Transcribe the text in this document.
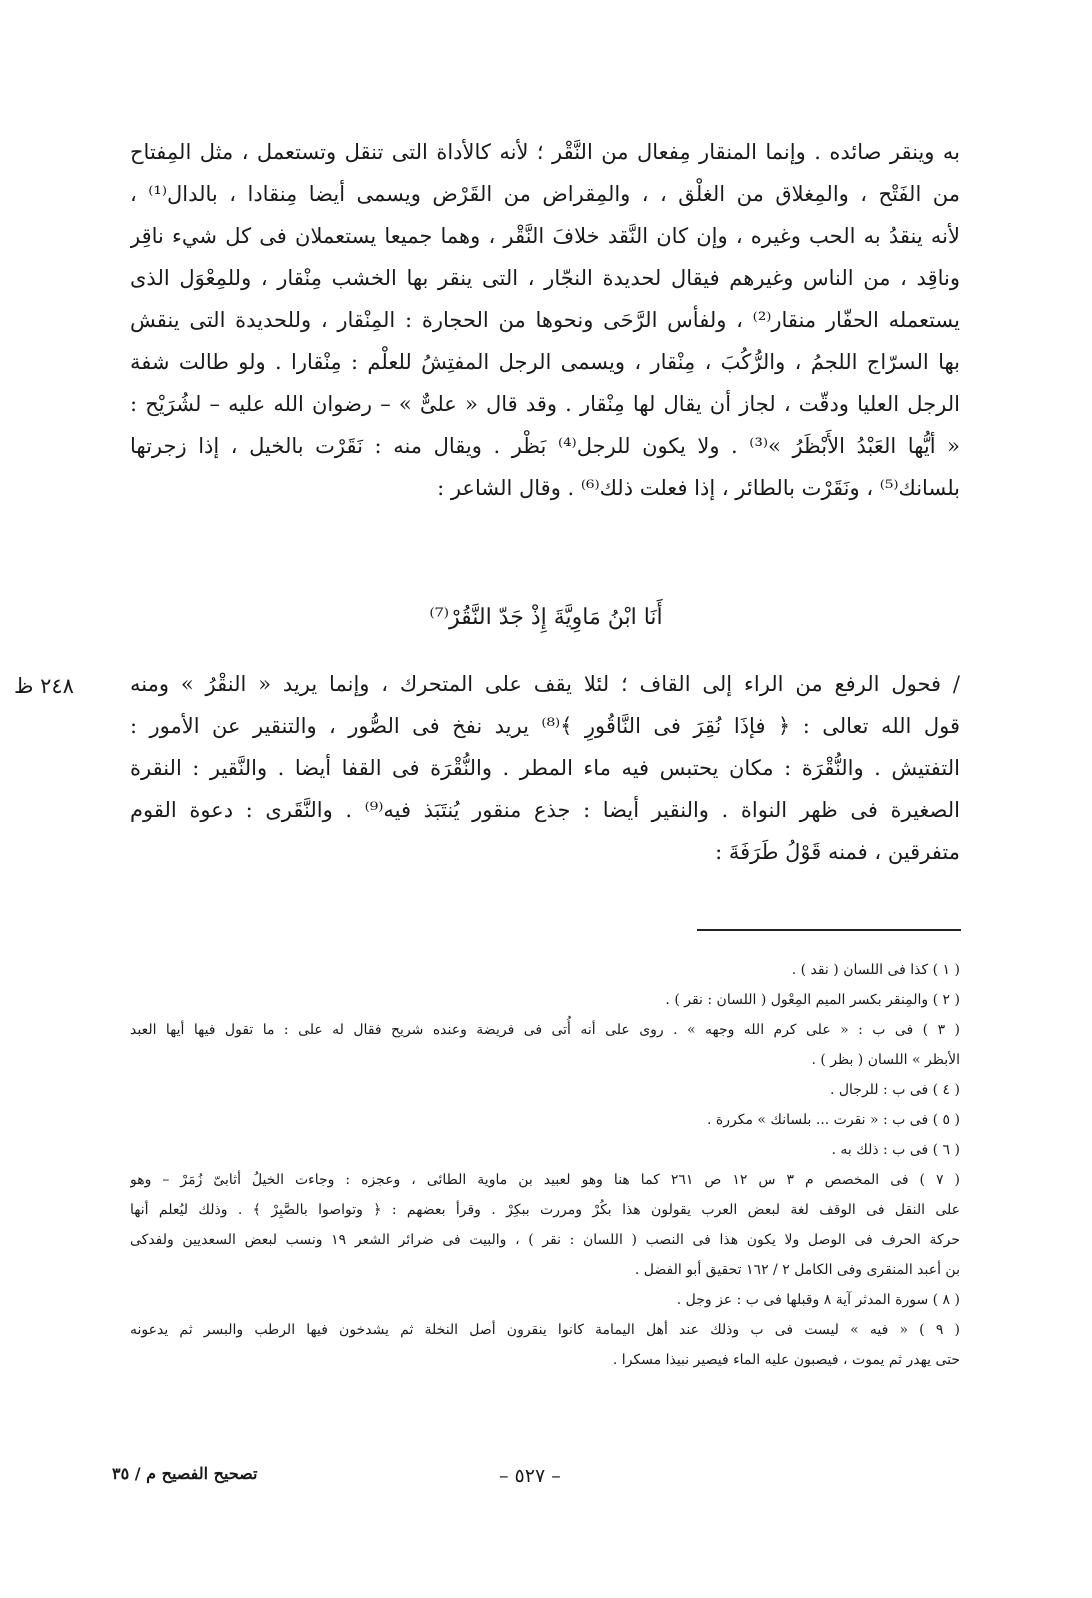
به وينقر صائده . وإنما المنقار مِفعال من النَّقْر ؛ لأنه كالأداة التى تنقل وتستعمل ، مثل المِفتاح
من الفَتْح ، والمِغلاق من الغلْق ، ، والمِقراض من القَرْض ويسمى أيضا مِنقادا ، بالدال⁽¹⁾ ،
لأنه ينقدُ به الحب وغيره ، وإن كان النَّقد خلافَ النَّقْر ، وهما جميعا يستعملان فى كل شيء ناقِر
وناقِد ، من الناس وغيرهم فيقال لحديدة النجّار ، التى ينقر بها الخشب مِنْقار ، وللمِعْوَل الذى
يستعمله الحفّار منقار⁽²⁾ ، ولفأس الرَّحَى ونحوها من الحجارة : المِنْقار ، وللحديدة التى ينقش
بها السرّاج اللجمُ ، والرُّكُبَ ، مِنْقار ، ويسمى الرجل المفتِشُ للعلْم : مِنْقارا . ولو طالت شفة
الرجل العليا ودقّت ، لجاز أن يقال لها مِنْقار . وقد قال « علىٌّ » – رضوان الله عليه – لشُرَيْح :
« أيُّها العَبْدُ الأَبْظَرُ »⁽³⁾ . ولا يكون للرجل⁽⁴⁾ بَظْر . ويقال منه : نَقَرْت بالخيل ، إذا زجرتها
بلسانك⁽⁵⁾ ، ونَقَرْت بالطائر ، إذا فعلت ذلك⁽⁶⁾ . وقال الشاعر :
أَنَا ابْنُ مَاوِيَّةَ إِذْ جَدّ النَّقُرْ⁽⁷⁾
٢٤٨ ظ	/ فحول الرفع من الراء إلى القاف ؛ لئلا يقف على المتحرك ، وإنما يريد « النقْرُ » ومنه
قول الله تعالى : ﴿ فإذَا نُقِرَ فى النَّاقُورِ ﴾⁽⁸⁾ يريد نفخ فى الصُّور ، والتنقير عن الأمور :
التفتيش . والنُّقْرَة : مكان يحتبس فيه ماء المطر . والنُّقْرَة فى القفا أيضا . والنَّقير : النقرة
الصغيرة فى ظهر النواة . والنقير أيضا : جذع منقور يُنتَبَذ فيه⁽⁹⁾ . والنَّقَرى : دعوة القوم
متفرقين ، فمنه قَوْلُ طَرَفَةَ :
( ١ ) كذا فى اللسان ( نقد ) .
( ٢ ) والمِنقر بكسر الميم المِعْول ( اللسان : نقر ) .
( ٣ ) فى ب : « على كرم الله وجهه » . روى على أنه أُتى فى فريضة وعنده شريح فقال له على : ما تقول فيها أيها العبد
الأبظر » اللسان ( بظر ) .
( ٤ ) فى ب : للرجال .
( ٥ ) فى ب : « نقرت ... بلسانك » مكررة .
( ٦ ) فى ب : ذلك به .
( ٧ ) فى المخصص م ٣ س ١٢ ص ٢٦١ كما هنا وهو لعبيد بن ماوية الطائى ، وعجزه : وجاءت الخيلُ أثابىّ زُمَرْ – وهو
على النقل فى الوقف لغة لبعض العرب يقولون هذا بكُرْ ومررت ببكِرْ . وقرأ بعضهم : ﴿ وتواصوا بالصَّبِرْ ﴾ . وذلك ليُعلم أنها
حركة الحرف فى الوصل ولا يكون هذا فى النصب ( اللسان : نقر ) ، والبيت فى ضرائر الشعر ١٩ ونسب لبعض السعديين ولفدكى
بن أعبد المنقرى وفى الكامل ٢ / ١٦٢ تحقيق أبو الفضل .
( ٨ ) سورة المدثر آية ٨ وقبلها فى ب : عز وجل .
( ٩ ) « فيه » ليست فى ب وذلك عند أهل اليمامة كانوا ينقرون أصل النخلة ثم يشدخون فيها الرطب والبسر ثم يدعونه
حتى يهدر ثم يموت ، فيصبون عليه الماء فيصير نبيذا مسكرا .
تصحيح الفصيح م / ٣٥	– ٥٢٧ –
